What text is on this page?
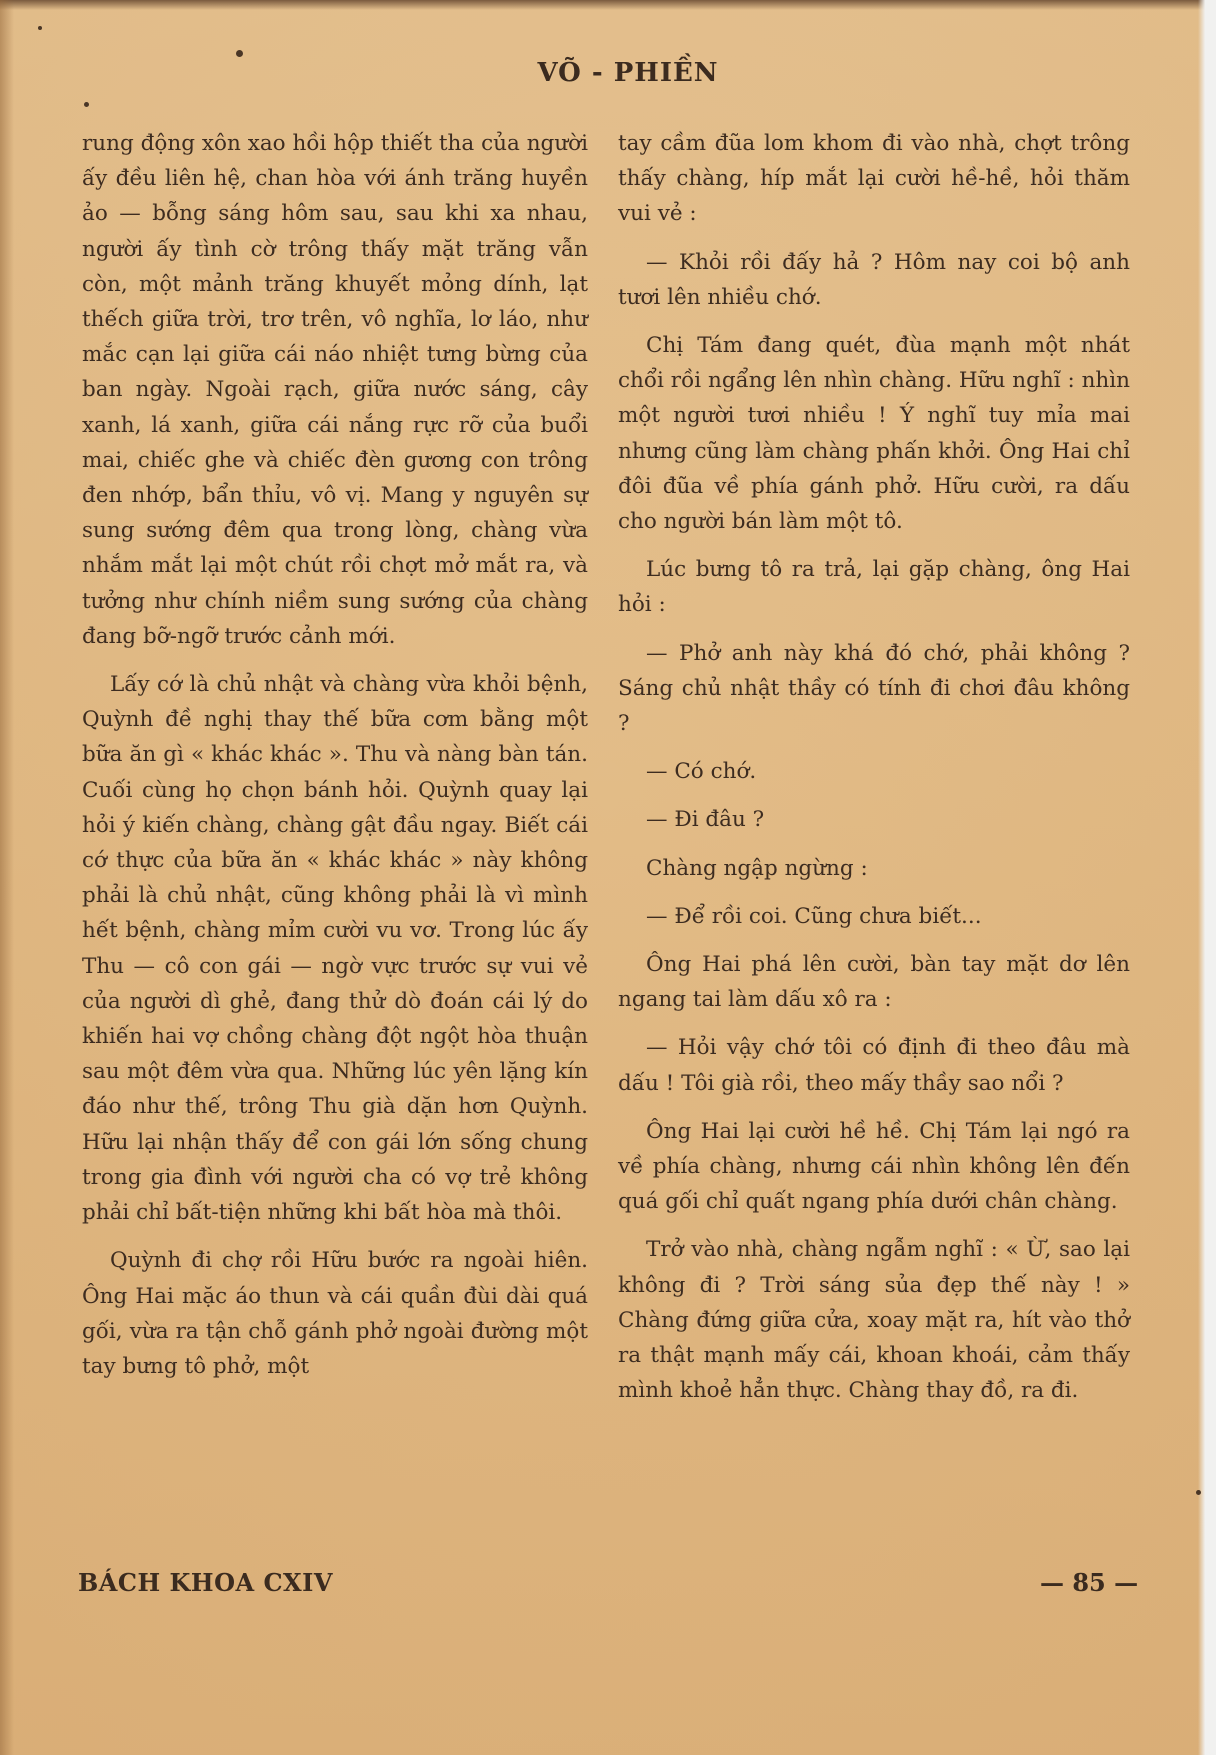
VÕ - PHIỀN

rung động xôn xao hồi hộp thiết tha của người ấy đều liên hệ, chan hòa với ánh trăng huyền ảo — bỗng sáng hôm sau, sau khi xa nhau, người ấy tình cờ trông thấy mặt trăng vẫn còn, một mảnh trăng khuyết mỏng dính, lạt thếch giữa trời, trơ trên, vô nghĩa, lơ láo, như mắc cạn lại giữa cái náo nhiệt tưng bừng của ban ngày. Ngoài rạch, giữa nước sáng, cây xanh, lá xanh, giữa cái nắng rực rỡ của buổi mai, chiếc ghe và chiếc đèn gương con trông đen nhớp, bẩn thỉu, vô vị. Mang y nguyên sự sung sướng đêm qua trong lòng, chàng vừa nhắm mắt lại một chút rồi chợt mở mắt ra, và tưởng như chính niềm sung sướng của chàng đang bỡ-ngỡ trước cảnh mới.

Lấy cớ là chủ nhật và chàng vừa khỏi bệnh, Quỳnh đề nghị thay thế bữa cơm bằng một bữa ăn gì « khác khác ». Thu và nàng bàn tán. Cuối cùng họ chọn bánh hỏi. Quỳnh quay lại hỏi ý kiến chàng, chàng gật đầu ngay. Biết cái cớ thực của bữa ăn « khác khác » này không phải là chủ nhật, cũng không phải là vì mình hết bệnh, chàng mỉm cười vu vơ. Trong lúc ấy Thu — cô con gái — ngờ vực trước sự vui vẻ của người dì ghẻ, đang thử dò đoán cái lý do khiến hai vợ chồng chàng đột ngột hòa thuận sau một đêm vừa qua. Những lúc yên lặng kín đáo như thế, trông Thu già dặn hơn Quỳnh. Hữu lại nhận thấy để con gái lớn sống chung trong gia đình với người cha có vợ trẻ không phải chỉ bất-tiện những khi bất hòa mà thôi.

Quỳnh đi chợ rồi Hữu bước ra ngoài hiên. Ông Hai mặc áo thun và cái quần đùi dài quá gối, vừa ra tận chỗ gánh phở ngoài đường một tay bưng tô phở, một

tay cầm đũa lom khom đi vào nhà, chợt trông thấy chàng, híp mắt lại cười hề-hề, hỏi thăm vui vẻ :

— Khỏi rồi đấy hả ? Hôm nay coi bộ anh tươi lên nhiều chớ.

Chị Tám đang quét, đùa mạnh một nhát chổi rồi ngẩng lên nhìn chàng. Hữu nghĩ : nhìn một người tươi nhiều ! Ý nghĩ tuy mỉa mai nhưng cũng làm chàng phấn khởi. Ông Hai chỉ đôi đũa về phía gánh phở. Hữu cười, ra dấu cho người bán làm một tô.

Lúc bưng tô ra trả, lại gặp chàng, ông Hai hỏi :

— Phở anh này khá đó chớ, phải không ? Sáng chủ nhật thầy có tính đi chơi đâu không ?

— Có chớ.

— Đi đâu ?

Chàng ngập ngừng :

— Để rồi coi. Cũng chưa biết...

Ông Hai phá lên cười, bàn tay mặt dơ lên ngang tai làm dấu xô ra :

— Hỏi vậy chớ tôi có định đi theo đâu mà dấu ! Tôi già rồi, theo mấy thầy sao nổi ?

Ông Hai lại cười hề hề. Chị Tám lại ngó ra về phía chàng, nhưng cái nhìn không lên đến quá gối chỉ quất ngang phía dưới chân chàng.

Trở vào nhà, chàng ngẫm nghĩ : « Ừ, sao lại không đi ? Trời sáng sủa đẹp thế này ! » Chàng đứng giữa cửa, xoay mặt ra, hít vào thở ra thật mạnh mấy cái, khoan khoái, cảm thấy mình khoẻ hẳn thực. Chàng thay đồ, ra đi.

BÁCH KHOA CXIV	— 85 —
